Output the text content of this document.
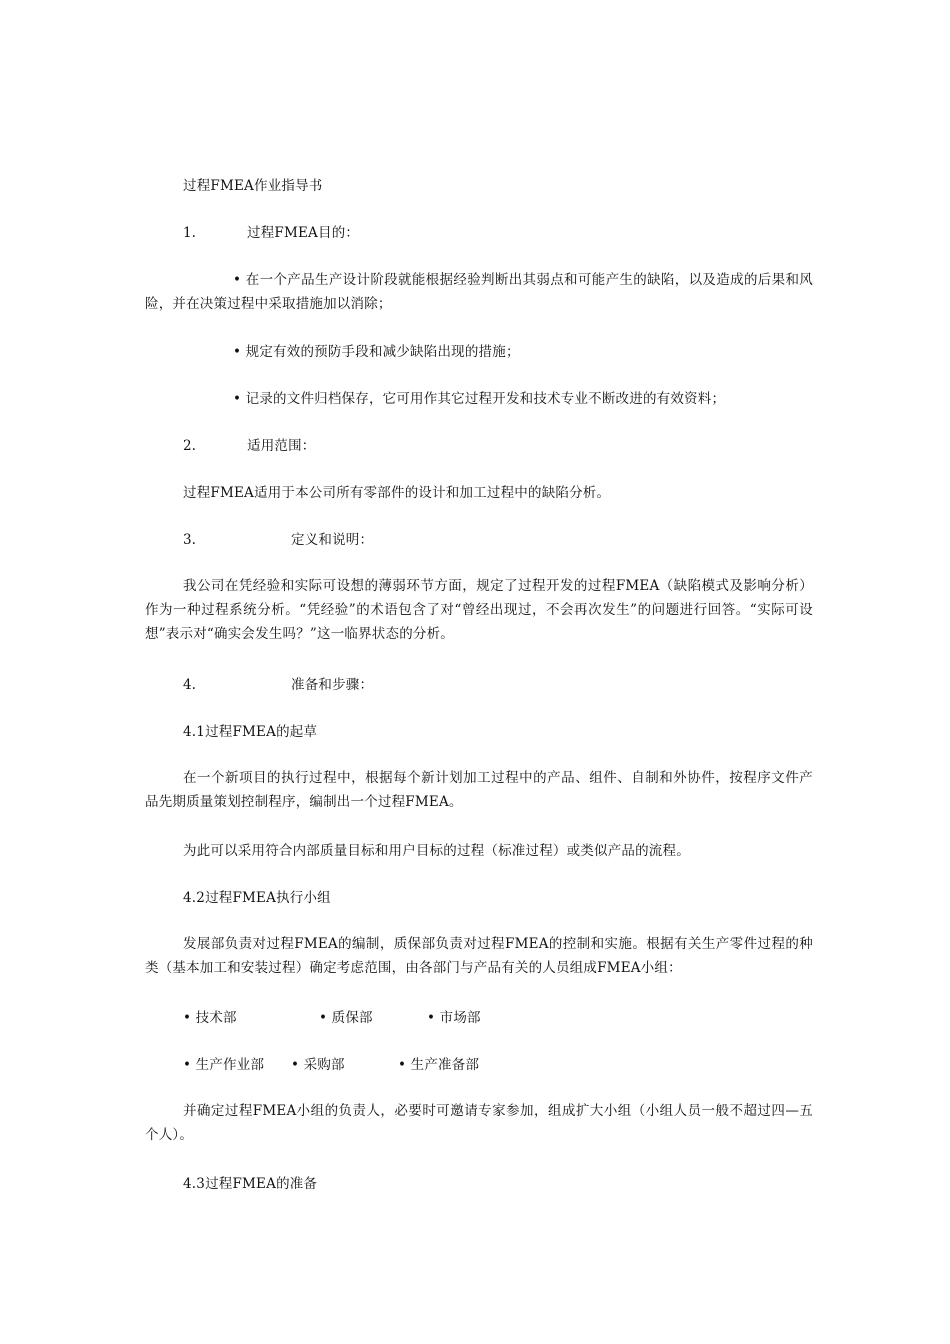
过程FMEA作业指导书
1.	过程FMEA目的：
• 在一个产品生产设计阶段就能根据经验判断出其弱点和可能产生的缺陷，以及造成的后果和风险，并在决策过程中采取措施加以消除；
• 规定有效的预防手段和减少缺陷出现的措施；
• 记录的文件归档保存，它可用作其它过程开发和技术专业不断改进的有效资料；
2.	适用范围：
过程FMEA适用于本公司所有零部件的设计和加工过程中的缺陷分析。
3.	定义和说明：
我公司在凭经验和实际可设想的薄弱环节方面，规定了过程开发的过程FMEA（缺陷模式及影响分析）作为一种过程系统分析。“凭经验”的术语包含了对“曾经出现过，不会再次发生”的问题进行回答。“实际可设想”表示对“确实会发生吗？”这一临界状态的分析。
4.	准备和步骤：
4.1过程FMEA的起草
在一个新项目的执行过程中，根据每个新计划加工过程中的产品、组件、自制和外协件，按程序文件产品先期质量策划控制程序，编制出一个过程FMEA。
为此可以采用符合内部质量目标和用户目标的过程（标准过程）或类似产品的流程。
4.2过程FMEA执行小组
发展部负责对过程FMEA的编制，质保部负责对过程FMEA的控制和实施。根据有关生产零件过程的种类（基本加工和安装过程）确定考虑范围，由各部门与产品有关的人员组成FMEA小组：
• 技术部	• 质保部	• 市场部
• 生产作业部 • 采购部	• 生产准备部
并确定过程FMEA小组的负责人，必要时可邀请专家参加，组成扩大小组（小组人员一般不超过四—五个人）。
4.3过程FMEA的准备
